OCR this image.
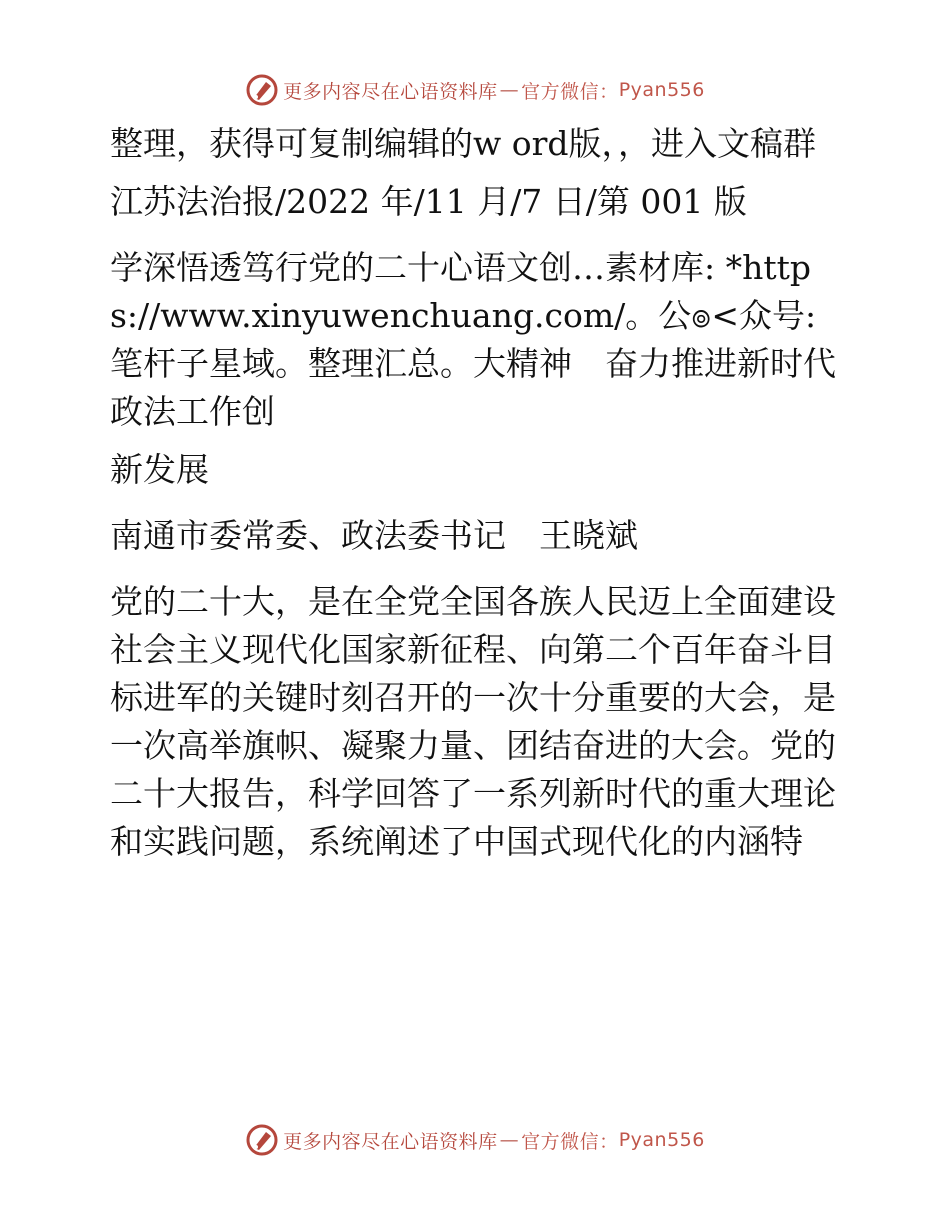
更多内容尽在心语资料库 — 官方微信 ： Pyan556

整理，获得可复制编辑的w ord版，，进入文稿群

江苏法治报/2022 年/11 月/7 日/第 001 版

学深悟透笃行党的二十心语文创…素材库: *https://www.xinyuwenchuang.com/。公๏<众号: 笔杆子星域。整理汇总。大精神　奋力推进新时代政法工作创

新发展

南通市委常委、政法委书记　王晓斌

党的二十大，是在全党全国各族人民迈上全面建设社会主义现代化国家新征程、向第二个百年奋斗目标进军的关键时刻召开的一次十分重要的大会，是一次高举旗帜、凝聚力量、团结奋进的大会。党的二十大报告，科学回答了一系列新时代的重大理论和实践问题，系统阐述了中国式现代化的内涵特

更多内容尽在心语资料库 — 官方微信 ： Pyan556
